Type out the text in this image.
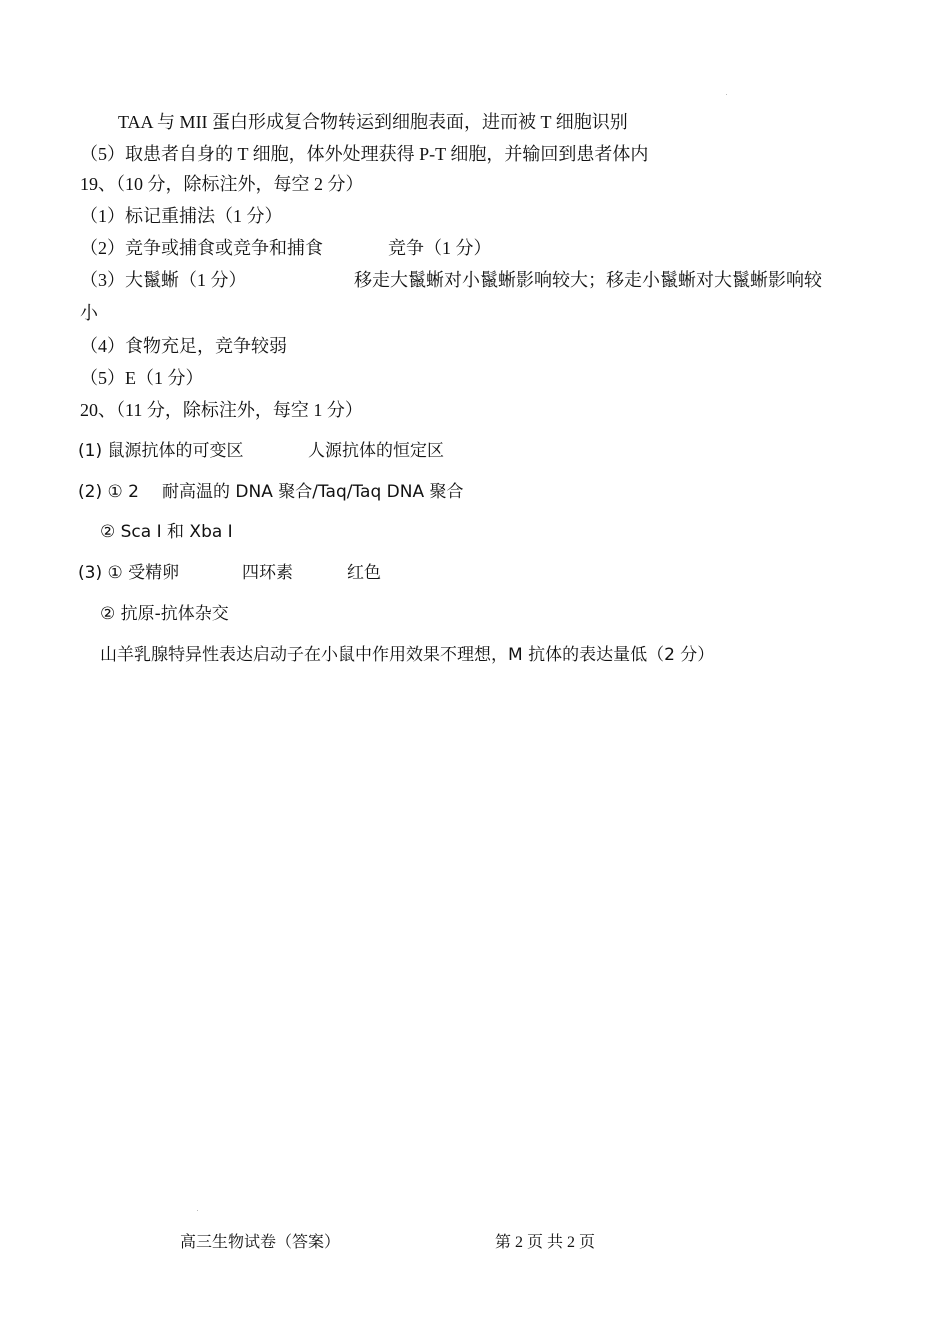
TAA 与 MII 蛋白形成复合物转运到细胞表面，进而被 T 细胞识别
（5）取患者自身的 T 细胞，体外处理获得 P-T 细胞，并输回到患者体内
19、（10 分，除标注外，每空 2 分）
（1）标记重捕法（1 分）
（2）竞争或捕食或竞争和捕食	竞争（1 分）
（3）大鬣蜥（1 分）	移走大鬣蜥对小鬣蜥影响较大；移走小鬣蜥对大鬣蜥影响较
小
（4）食物充足，竞争较弱
（5）E（1 分）
20、（11 分，除标注外，每空 1 分）
(1) 鼠源抗体的可变区	人源抗体的恒定区
(2) ① 2 耐高温的 DNA 聚合/Taq/Taq DNA 聚合
② Sca Ⅰ 和 Xba Ⅰ
(3) ① 受精卵	四环素	红色
② 抗原-抗体杂交
山羊乳腺特异性表达启动子在小鼠中作用效果不理想，M 抗体的表达量低（2 分）
高三生物试卷（答案）	第 2 页 共 2 页
